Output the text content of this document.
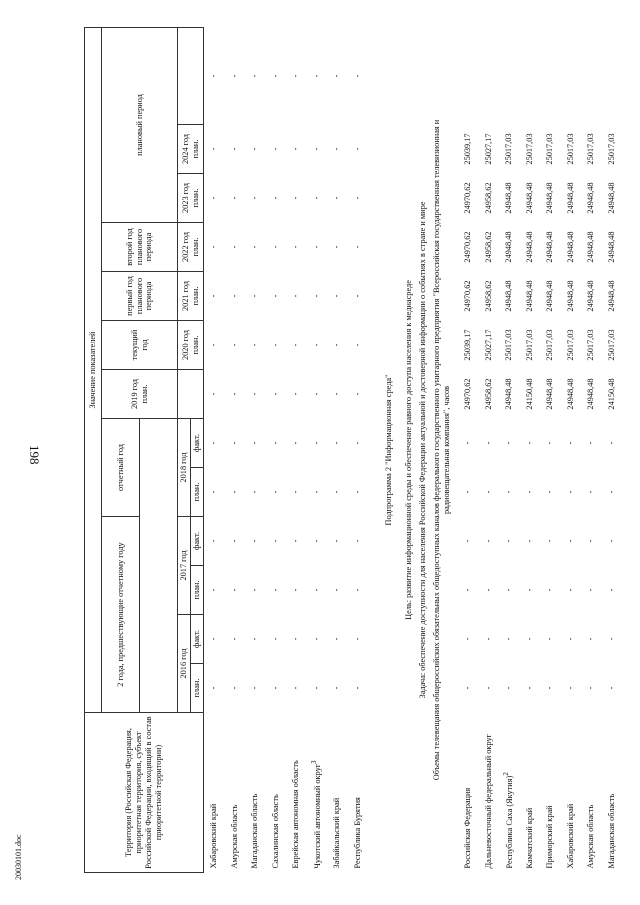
198
20030101.doc
Территория (Российская Федерация, приоритетная территория, субъект Российской Федерации, входящий в состав приоритетной территории)	Значение показателей												
	2 года, предшествующие отчетному году				отчетный год		2019 год план.	текущий год	первый год планового периода	второй год планового периода	плановый период		

	2016 год		2017 год		2018 год			2020 год план.	2021 год план.	2022 год план.	2023 год план.	2024 год план.	
	план.	факт.	план.	факт.	план.	факт.							
Хабаровский край	-	-	-	-	-	-	-	-	-	-	-	-	-
Амурская область	-	-	-	-	-	-	-	-	-	-	-	-	-
Магаданская область	-	-	-	-	-	-	-	-	-	-	-	-	-
Сахалинская область	-	-	-	-	-	-	-	-	-	-	-	-	-
Еврейская автономная область	-	-	-	-	-	-	-	-	-	-	-	-	-
Чукотский автономный округ$^3$	-	-	-	-	-	-	-	-	-	-	-	-	-
Забайкальский край	-	-	-	-	-	-	-	-	-	-	-	-	-
Республика Бурятия	-	-	-	-	-	-	-	-	-	-	-	-	-
Подпрограмма 2 "Информационная среда"													
Цель: развитие информационной среды и обеспечение равного доступа населения к медиасреде													
Задача: обеспечение доступности для населения Российской Федерации актуальной и достоверной информации о событиях в стране и мире													
Объемы телевещания общероссийских обязательных общедоступных каналов федерального государственного унитарного предприятия "Всероссийская государственная телевизионная и радиовещательная компания", часов													
Российская Федерация	-	-	-	-	-	-	24970,62	25039,17	24970,62	24970,62	24970,62	25039,17	
Дальневосточный федеральный округ	-	-	-	-	-	-	24958,62	25027,17	24958,62	24958,62	24958,62	25027,17	
Республика Саха (Якутия)$^2$	-	-	-	-	-	-	24948,48	25017,03	24948,48	24948,48	24948,48	25017,03	
Камчатский край	-	-	-	-	-	-	24150,48	25017,03	24948,48	24948,48	24948,48	25017,03	
Приморский край	-	-	-	-	-	-	24948,48	25017,03	24948,48	24948,48	24948,48	25017,03	
Хабаровский край	-	-	-	-	-	-	24948,48	25017,03	24948,48	24948,48	24948,48	25017,03	
Амурская область	-	-	-	-	-	-	24948,48	25017,03	24948,48	24948,48	24948,48	25017,03	
Магаданская область	-	-	-	-	-	-	24150,48	25017,03	24948,48	24948,48	24948,48	25017,03	
